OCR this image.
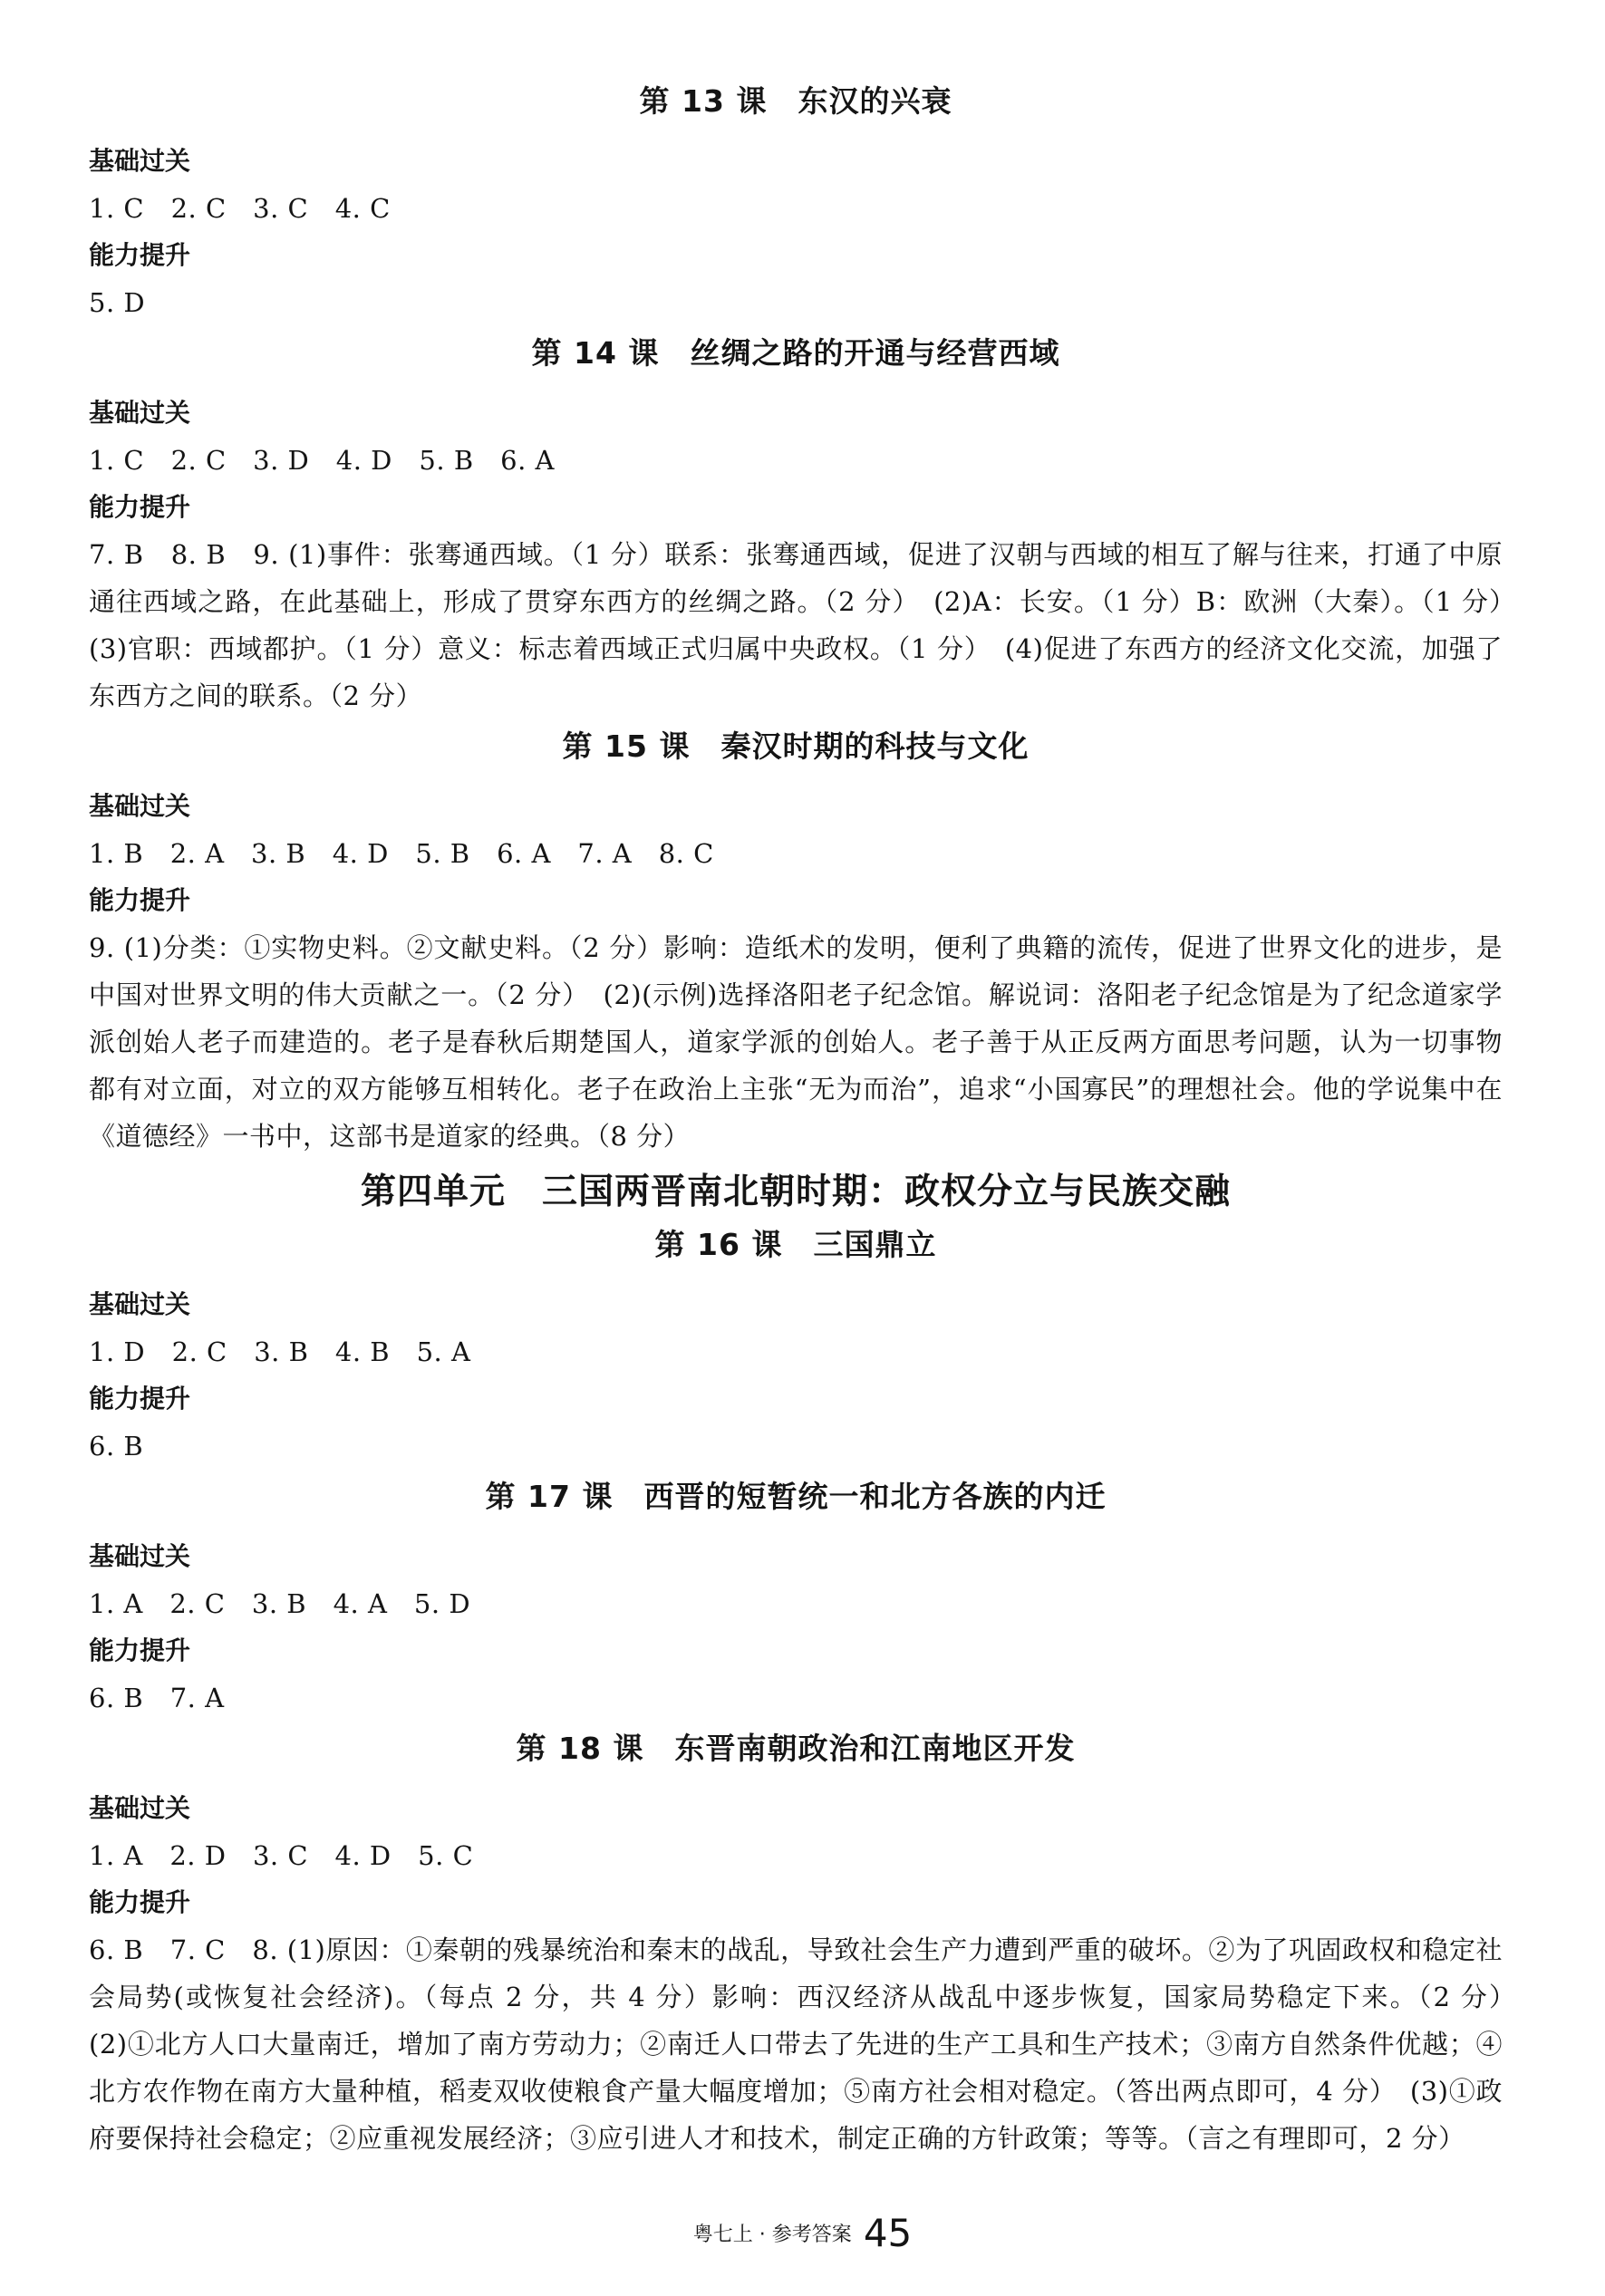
第 13 课　东汉的兴衰
基础过关
1. C　2. C　3. C　4. C
能力提升
5. D
第 14 课　丝绸之路的开通与经营西域
基础过关
1. C　2. C　3. D　4. D　5. B　6. A
能力提升
7. B　8. B　9. (1)事件：张骞通西域。（1 分）联系：张骞通西域，促进了汉朝与西域的相互了解与往来，打通了中原通往西域之路，在此基础上，形成了贯穿东西方的丝绸之路。（2 分）　(2)A：长安。（1 分）B：欧洲（大秦）。（1 分）　(3)官职：西域都护。（1 分）意义：标志着西域正式归属中央政权。（1 分）　(4)促进了东西方的经济文化交流，加强了东西方之间的联系。（2 分）
第 15 课　秦汉时期的科技与文化
基础过关
1. B　2. A　3. B　4. D　5. B　6. A　7. A　8. C
能力提升
9. (1)分类：①实物史料。②文献史料。（2 分）影响：造纸术的发明，便利了典籍的流传，促进了世界文化的进步，是中国对世界文明的伟大贡献之一。（2 分）　(2)(示例)选择洛阳老子纪念馆。解说词：洛阳老子纪念馆是为了纪念道家学派创始人老子而建造的。老子是春秋后期楚国人，道家学派的创始人。老子善于从正反两方面思考问题，认为一切事物都有对立面，对立的双方能够互相转化。老子在政治上主张“无为而治”，追求“小国寡民”的理想社会。他的学说集中在《道德经》一书中，这部书是道家的经典。（8 分）
第四单元　三国两晋南北朝时期：政权分立与民族交融
第 16 课　三国鼎立
基础过关
1. D　2. C　3. B　4. B　5. A
能力提升
6. B
第 17 课　西晋的短暂统一和北方各族的内迁
基础过关
1. A　2. C　3. B　4. A　5. D
能力提升
6. B　7. A
第 18 课　东晋南朝政治和江南地区开发
基础过关
1. A　2. D　3. C　4. D　5. C
能力提升
6. B　7. C　8. (1)原因：①秦朝的残暴统治和秦末的战乱，导致社会生产力遭到严重的破坏。②为了巩固政权和稳定社会局势(或恢复社会经济)。（每点 2 分，共 4 分）影响：西汉经济从战乱中逐步恢复，国家局势稳定下来。（2 分）　(2)①北方人口大量南迁，增加了南方劳动力；②南迁人口带去了先进的生产工具和生产技术；③南方自然条件优越；④北方农作物在南方大量种植，稻麦双收使粮食产量大幅度增加；⑤南方社会相对稳定。（答出两点即可，4 分）　(3)①政府要保持社会稳定；②应重视发展经济；③应引进人才和技术，制定正确的方针政策；等等。（言之有理即可，2 分）
粤七上 · 参考答案 45
